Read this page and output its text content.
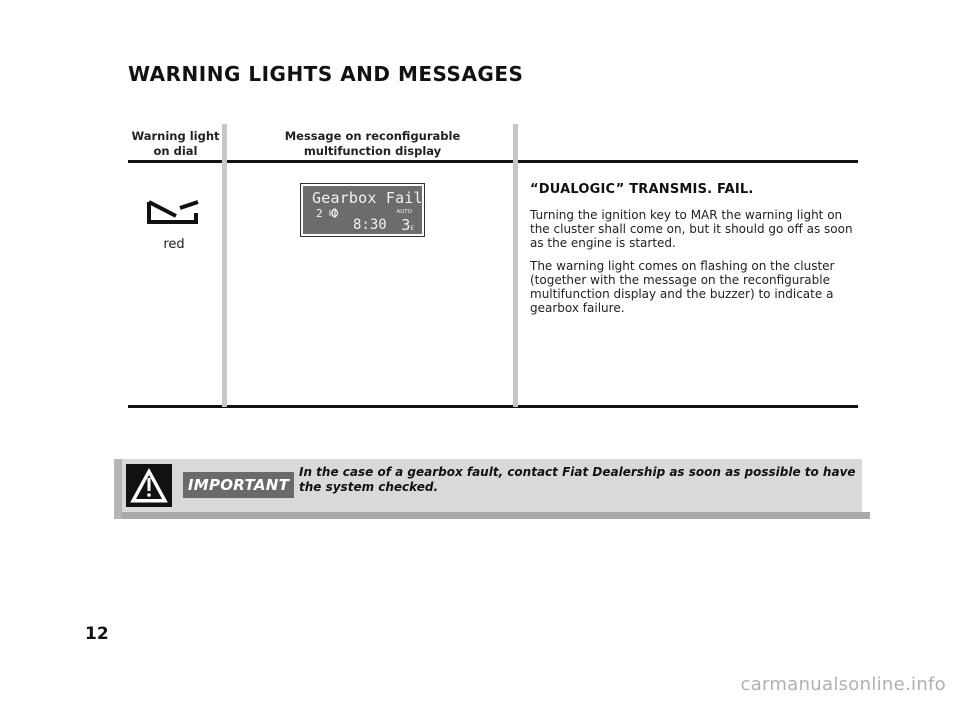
WARNING LIGHTS AND MESSAGES
Warning light
on dial
Message on reconfigurable
multifunction display
red
Gearbox Fail.
2	AUTO
8:30 3E
“DUALOGIC” TRANSMIS. FAIL.

Turning the ignition key to MAR the warning light on the cluster shall come on, but it should go off as soon as the engine is started.

The warning light comes on flashing on the cluster (together with the message on the reconfigurable multifunction display and the buzzer) to indicate a gearbox failure.

IMPORTANT
In the case of a gearbox fault, contact Fiat Dealership as soon as possible to have the system checked.
12
carmanualsonline.info
